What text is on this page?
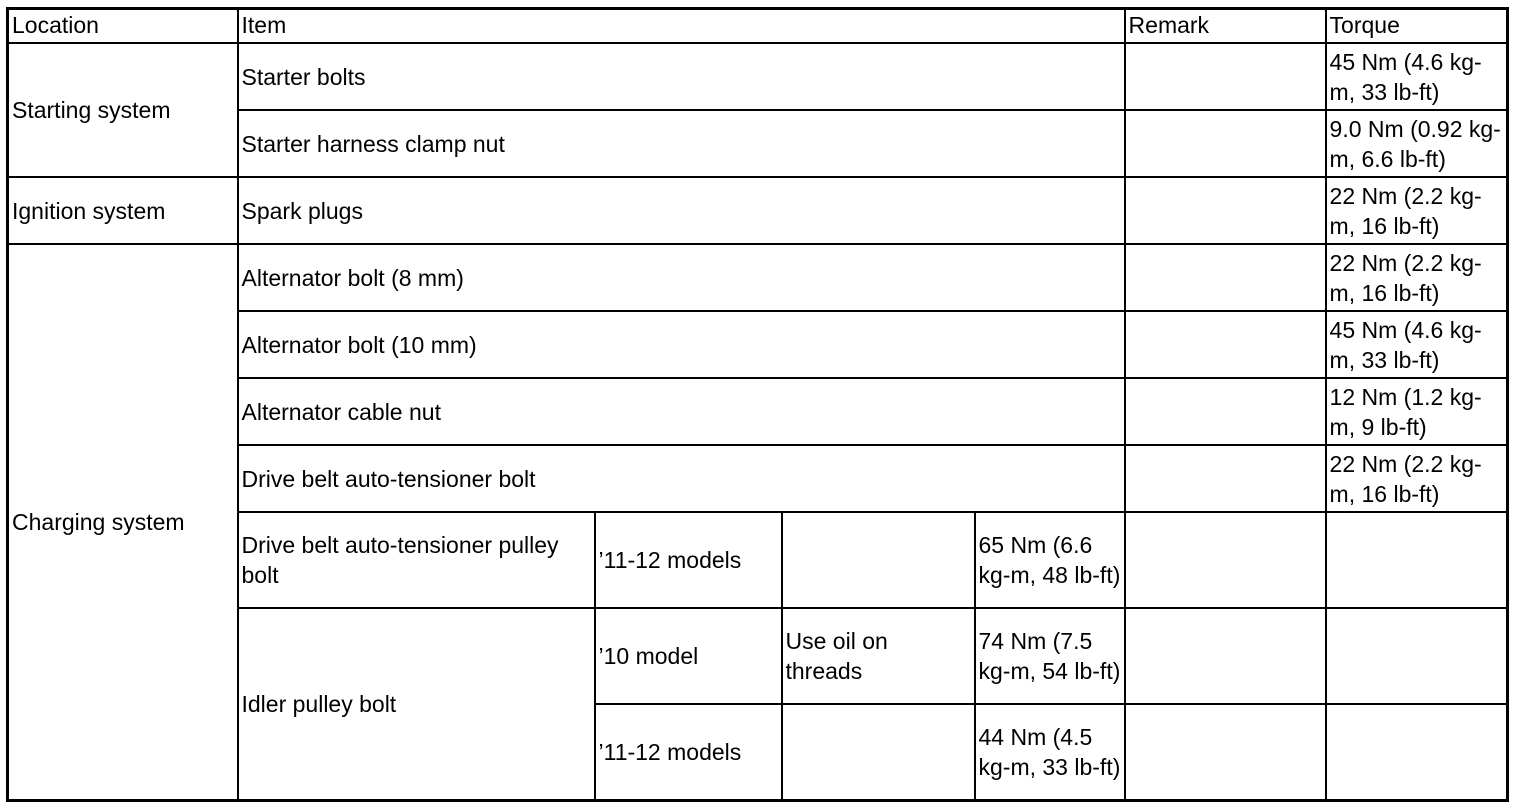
Location	Item				Remark	Torque
Starting system	Starter bolts					45 Nm (4.6 kg-m, 33 lb-ft)
	Starter harness clamp nut					9.0 Nm (0.92 kg-m, 6.6 lb-ft)
Ignition system	Spark plugs					22 Nm (2.2 kg-m, 16 lb-ft)
Charging system	Alternator bolt (8 mm)					22 Nm (2.2 kg-m, 16 lb-ft)
	Alternator bolt (10 mm)					45 Nm (4.6 kg-m, 33 lb-ft)
	Alternator cable nut					12 Nm (1.2 kg-m, 9 lb-ft)
	Drive belt auto-tensioner bolt					22 Nm (2.2 kg-m, 16 lb-ft)
	Drive belt auto-tensioner pulley bolt	’11-12 models		65 Nm (6.6 kg-m, 48 lb-ft)		
	Idler pulley bolt	’10 model	Use oil on threads	74 Nm (7.5 kg-m, 54 lb-ft)		
		’11-12 models		44 Nm (4.5 kg-m, 33 lb-ft)		
